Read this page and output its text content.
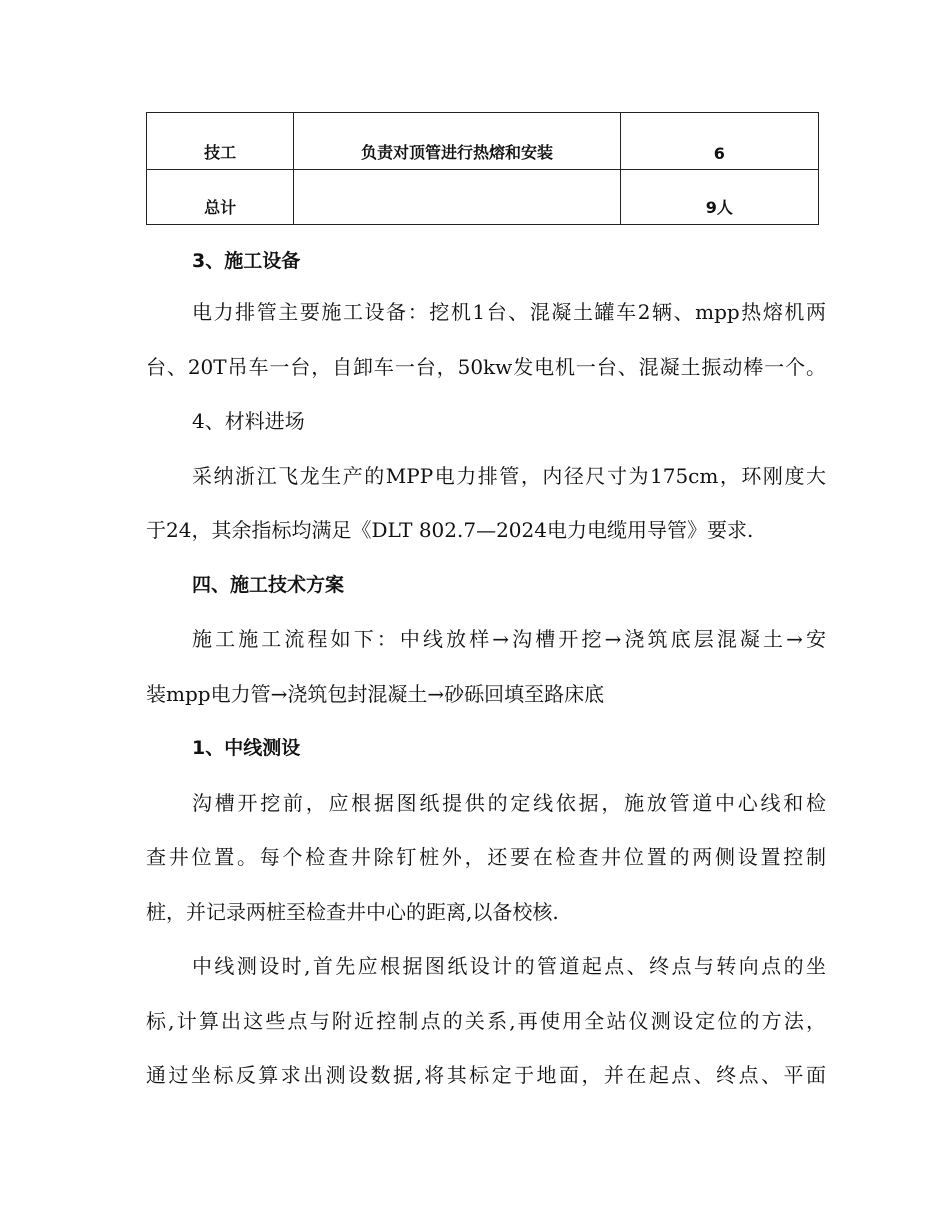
技工	负责对顶管进行热熔和安装	6
总计		9人
3、施工设备
电力排管主要施工设备：挖机1台、混凝土罐车2辆、mpp热熔机两
台、20T吊车一台，自卸车一台，50kw发电机一台、混凝土振动棒一个。
4、材料进场
采纳浙江飞龙生产的MPP电力排管，内径尺寸为175cm，环刚度大
于24，其余指标均满足《DLT 802.7—2024电力电缆用导管》要求.
四、施工技术方案
施工施工流程如下：中线放样→沟槽开挖→浇筑底层混凝土→安
装mpp电力管→浇筑包封混凝土→砂砾回填至路床底
1、中线测设
沟槽开挖前，应根据图纸提供的定线依据，施放管道中心线和检
查井位置。每个检查井除钉桩外，还要在检查井位置的两侧设置控制
桩，并记录两桩至检查井中心的距离,以备校核.
中线测设时,首先应根据图纸设计的管道起点、终点与转向点的坐
标,计算出这些点与附近控制点的关系,再使用全站仪测设定位的方法，
通过坐标反算求出测设数据,将其标定于地面，并在起点、终点、平面
